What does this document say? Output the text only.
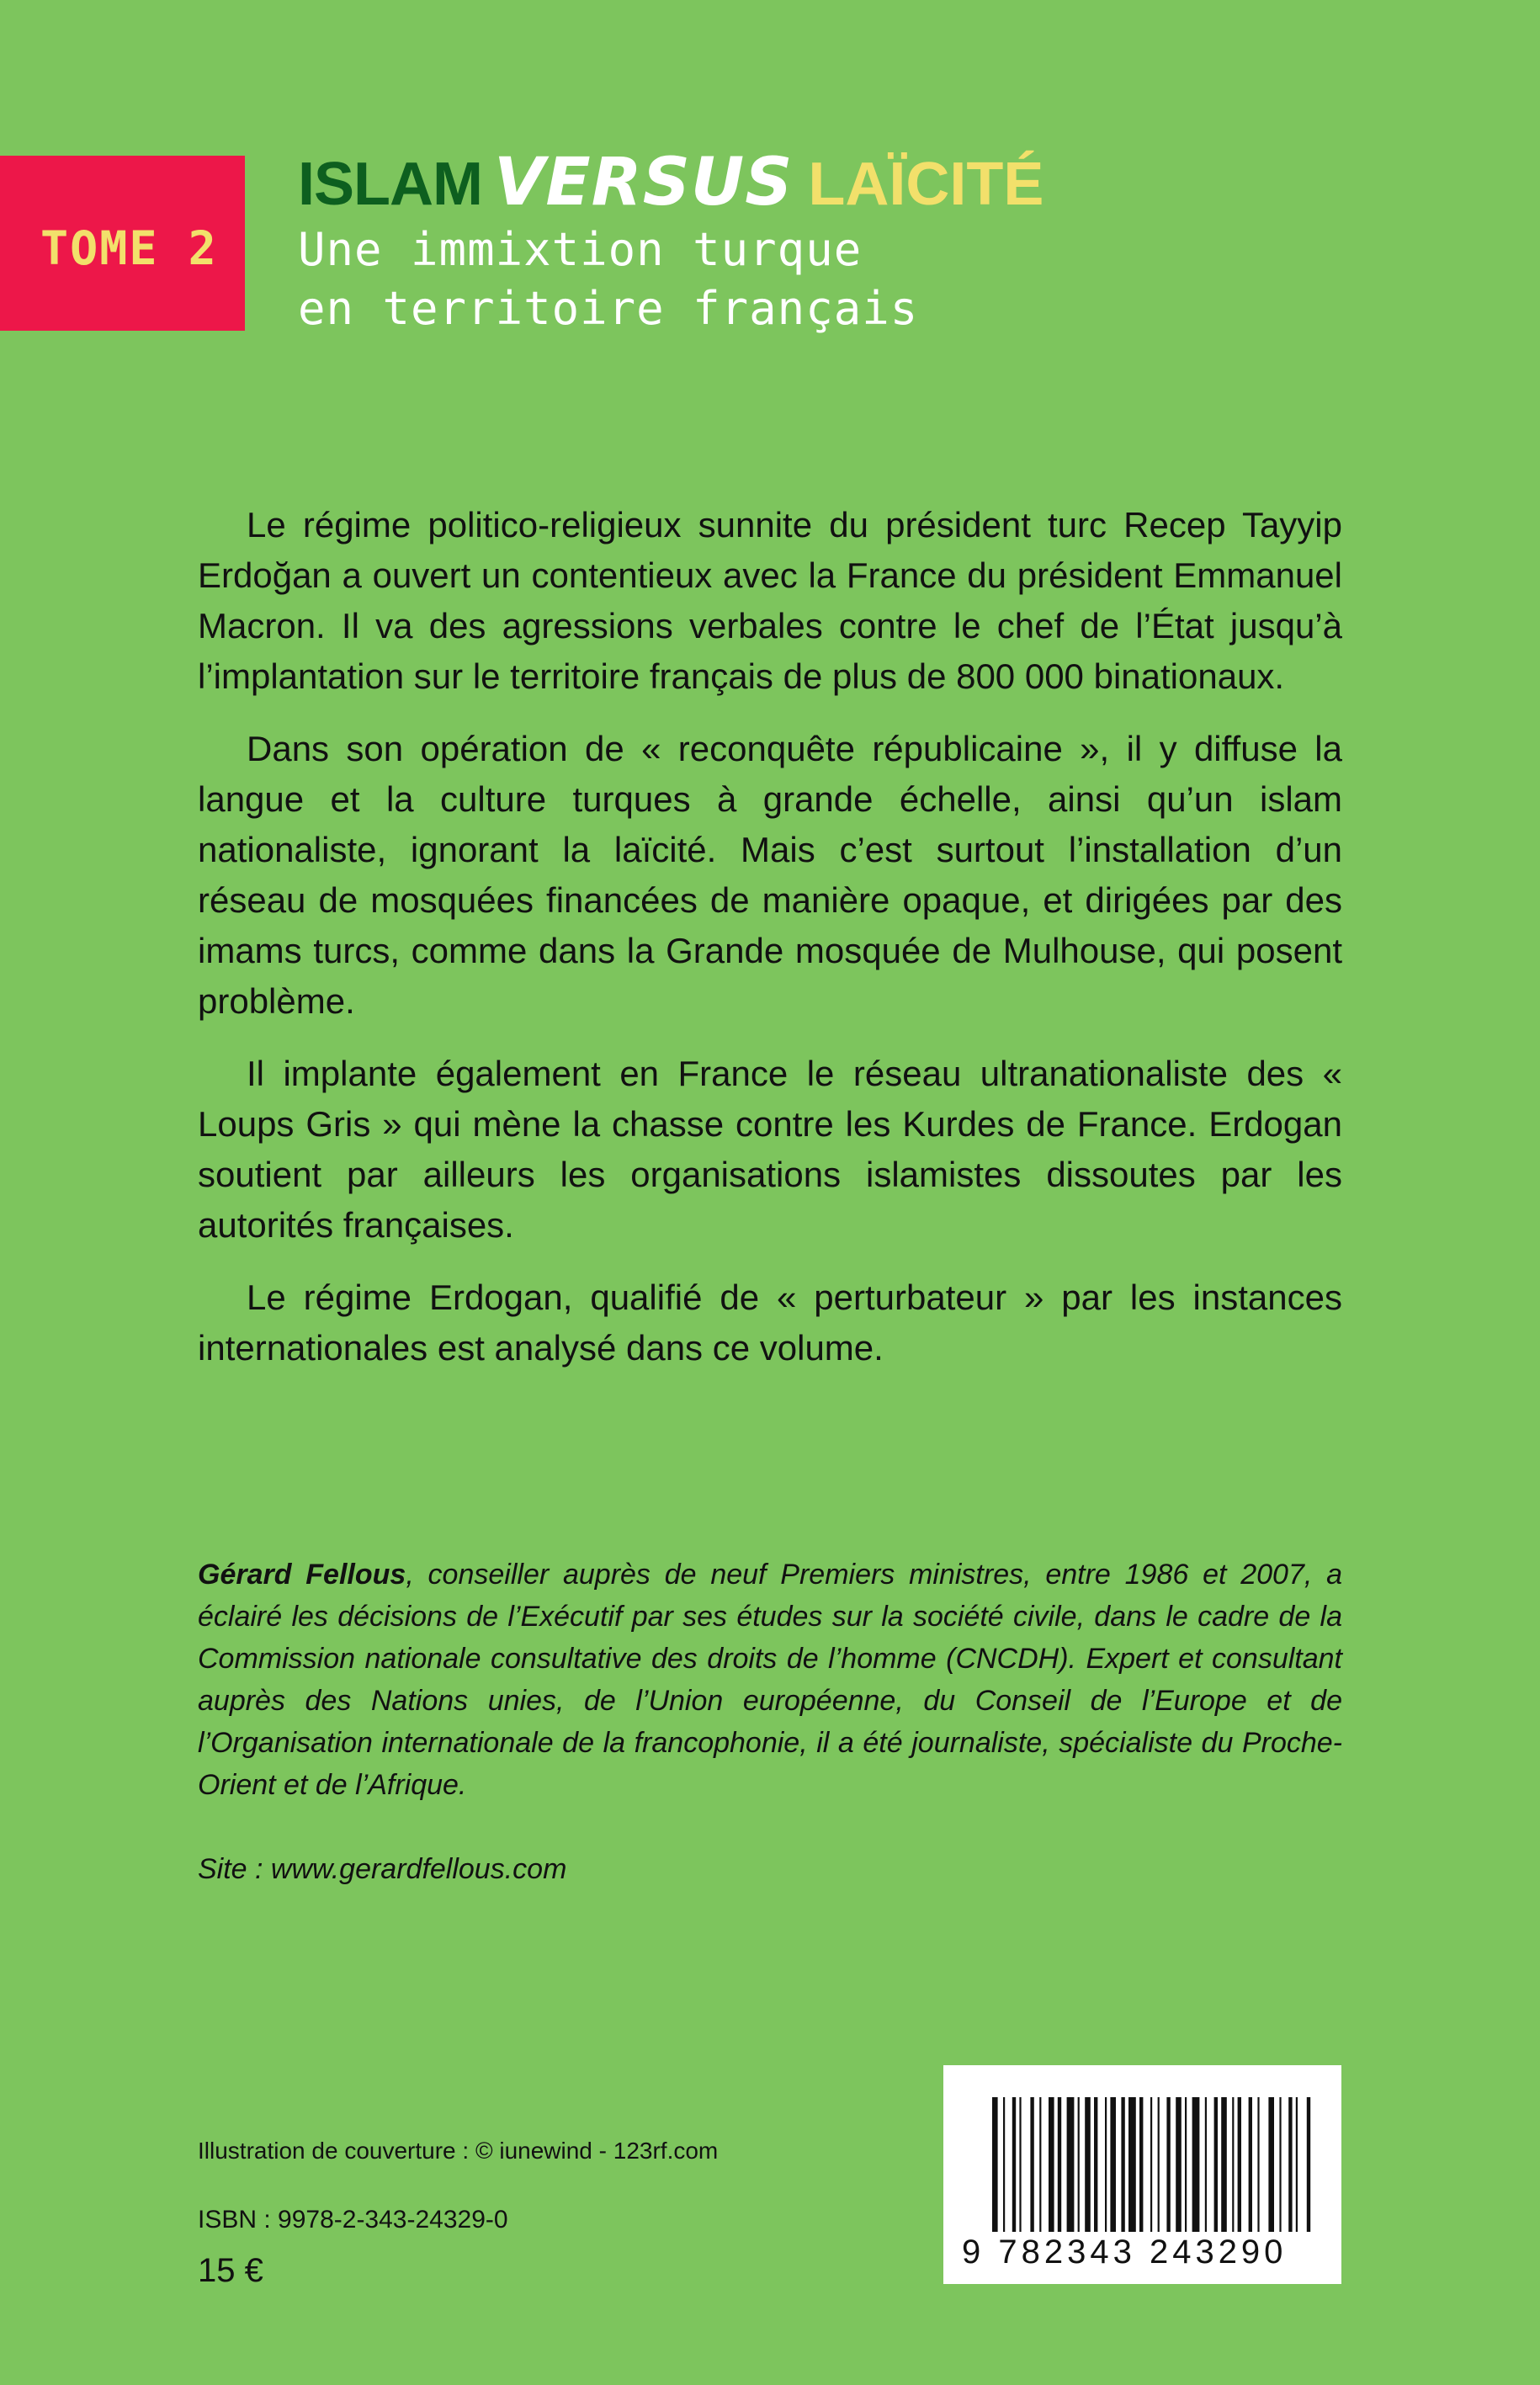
TOME 2
ISLAM VERSUS LAÏCITÉ
Une immixtion turque
en territoire français

Le régime politico-religieux sunnite du président turc Recep Tayyip Erdoğan a ouvert un contentieux avec la France du président Emmanuel Macron. Il va des agressions verbales contre le chef de l’État jusqu’à l’implantation sur le territoire français de plus de 800 000 binationaux.

Dans son opération de « reconquête républicaine », il y diffuse la langue et la culture turques à grande échelle, ainsi qu’un islam nationaliste, ignorant la laïcité. Mais c’est surtout l’installation d’un réseau de mosquées financées de manière opaque, et dirigées par des imams turcs, comme dans la Grande mosquée de Mulhouse, qui posent problème.

Il implante également en France le réseau ultranationaliste des « Loups Gris » qui mène la chasse contre les Kurdes de France. Erdogan soutient par ailleurs les organisations islamistes dissoutes par les autorités françaises.

Le régime Erdogan, qualifié de « perturbateur » par les instances internationales est analysé dans ce volume.

Gérard Fellous, conseiller auprès de neuf Premiers ministres, entre 1986 et 2007, a éclairé les décisions de l’Exécutif par ses études sur la société civile, dans le cadre de la Commission nationale consultative des droits de l’homme (CNCDH). Expert et consultant auprès des Nations unies, de l’Union européenne, du Conseil de l’Europe et de l’Organisation internationale de la francophonie, il a été journaliste, spécialiste du Proche-Orient et de l’Afrique.
Site : www.gerardfellous.com
Illustration de couverture : © iunewind - 123rf.com
ISBN : 9978-2-343-24329-0
15 €	9 782343 243290
